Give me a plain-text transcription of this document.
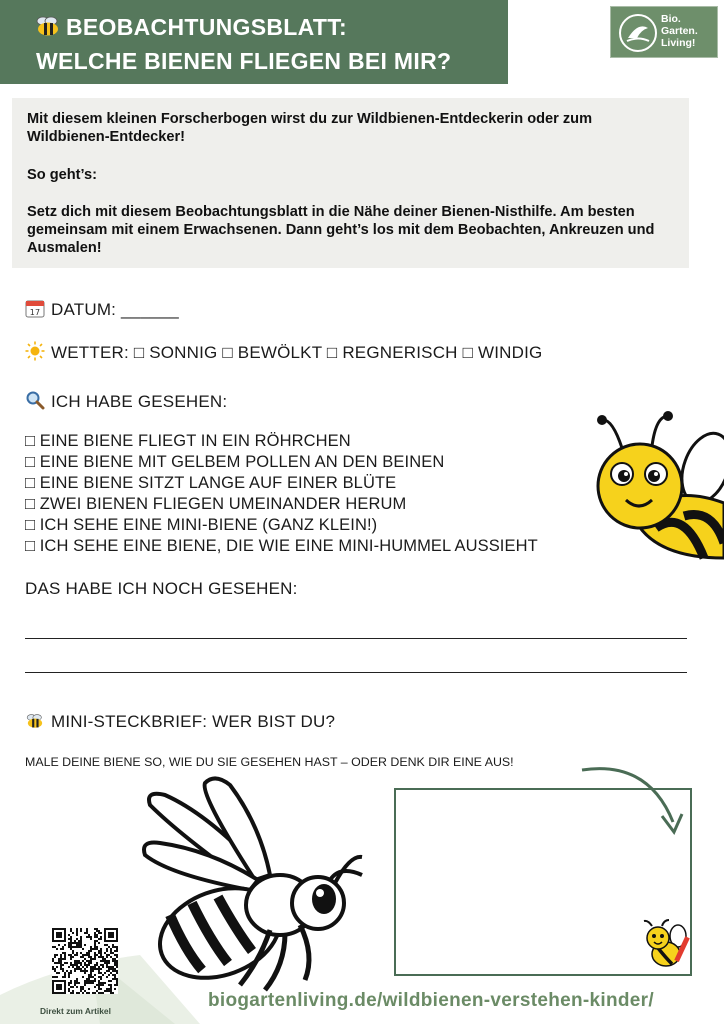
BEOBACHTUNGSBLATT:
WELCHE BIENEN FLIEGEN BEI MIR?
Bio.
Garten.
Living!
Mit diesem kleinen Forscherbogen wirst du zur Wildbienen-Entdeckerin oder zum Wildbienen-Entdecker!
So geht’s:
Setz dich mit diesem Beobachtungsblatt in die Nähe deiner Bienen-Nisthilfe. Am besten gemeinsam mit einem Erwachsenen. Dann geht’s los mit dem Beobachten, Ankreuzen und Ausmalen!
17 DATUM: ______
WETTER: □ SONNIG □ BEWÖLKT □ REGNERISCH □ WINDIG
ICH HABE GESEHEN:
□ EINE BIENE FLIEGT IN EIN RÖHRCHEN
□ EINE BIENE MIT GELBEM POLLEN AN DEN BEINEN
□ EINE BIENE SITZT LANGE AUF EINER BLÜTE
□ ZWEI BIENEN FLIEGEN UMEINANDER HERUM
□ ICH SEHE EINE MINI-BIENE (GANZ KLEIN!)
□ ICH SEHE EINE BIENE, DIE WIE EINE MINI-HUMMEL AUSSIEHT
DAS HABE ICH NOCH GESEHEN:
MINI-STECKBRIEF: WER BIST DU?
MALE DEINE BIENE SO, WIE DU SIE GESEHEN HAST – ODER DENK DIR EINE AUS!
Direkt zum Artikel	biogartenliving.de/wildbienen-verstehen-kinder/
